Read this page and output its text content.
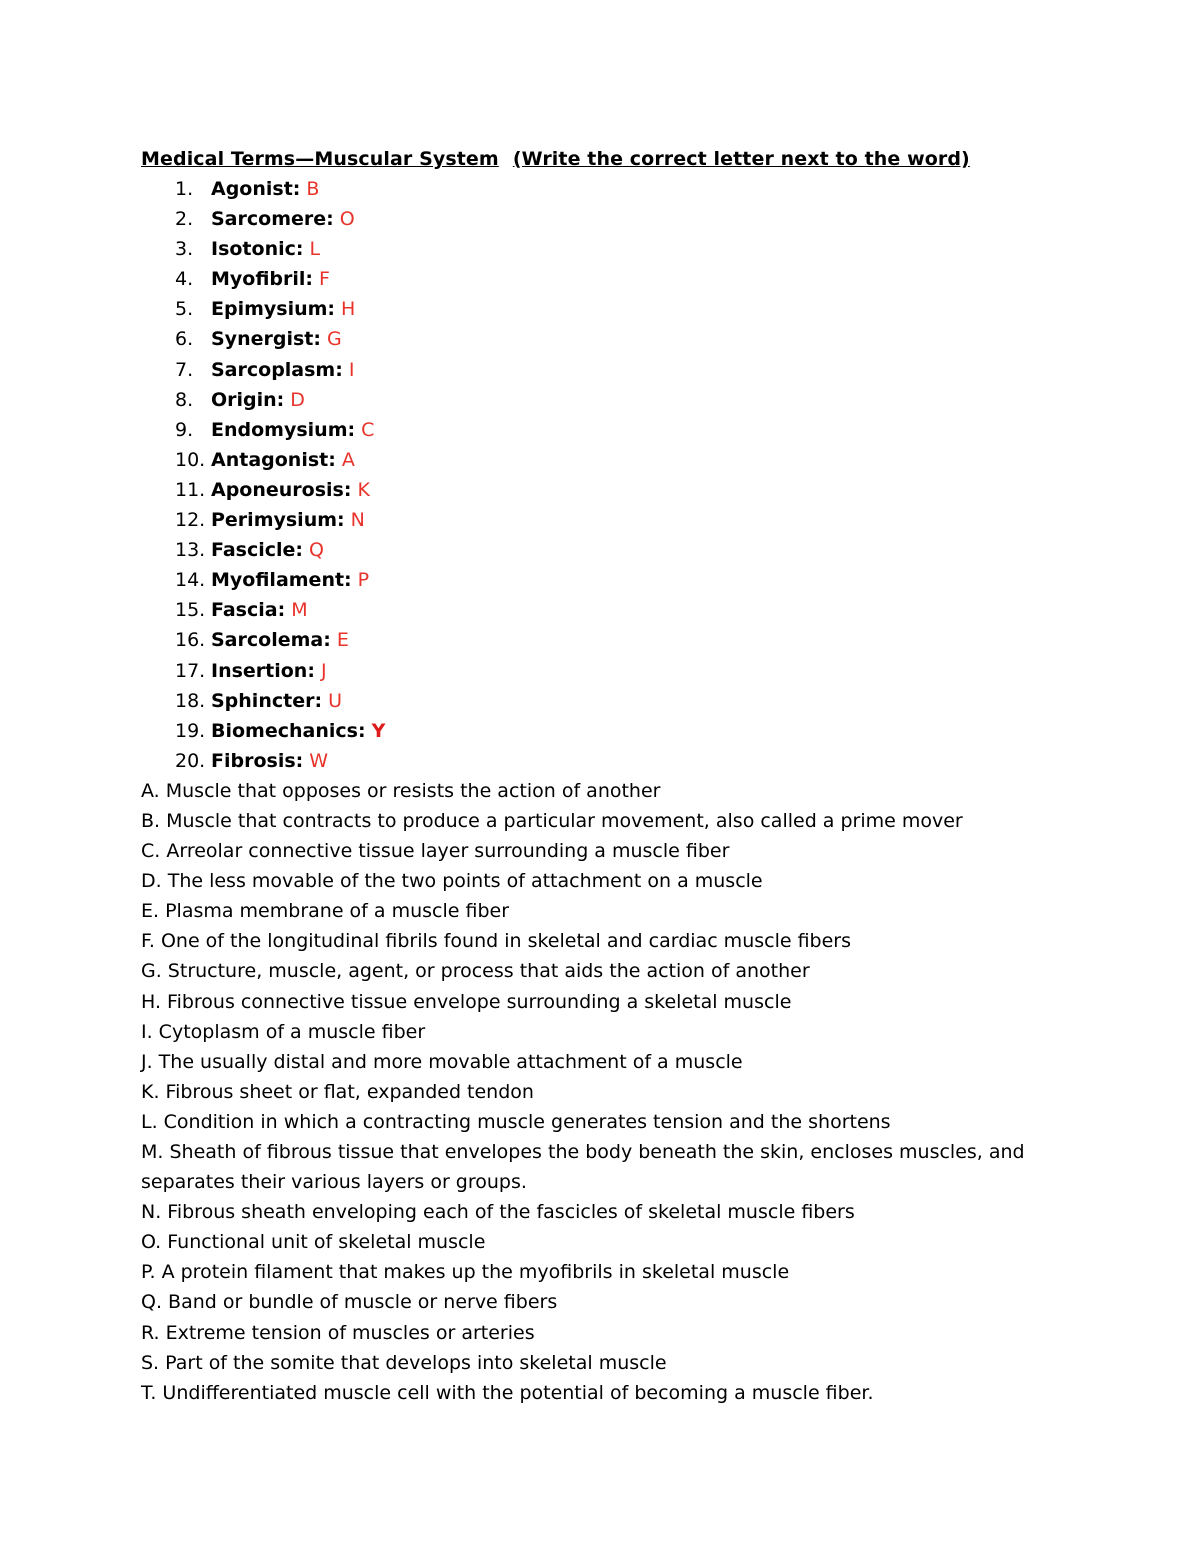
Medical Terms—Muscular System (Write the correct letter next to the word)
1. Agonist: B
2. Sarcomere: O
3. Isotonic: L
4. Myofibril: F
5. Epimysium: H
6. Synergist: G
7. Sarcoplasm: I
8. Origin: D
9. Endomysium: C
10. Antagonist: A
11. Aponeurosis: K
12. Perimysium: N
13. Fascicle: Q
14. Myofilament: P
15. Fascia: M
16. Sarcolema: E
17. Insertion: J
18. Sphincter: U
19. Biomechanics: Y
20. Fibrosis: W
A. Muscle that opposes or resists the action of another
B. Muscle that contracts to produce a particular movement, also called a prime mover
C. Arreolar connective tissue layer surrounding a muscle fiber
D. The less movable of the two points of attachment on a muscle
E. Plasma membrane of a muscle fiber
F. One of the longitudinal fibrils found in skeletal and cardiac muscle fibers
G. Structure, muscle, agent, or process that aids the action of another
H. Fibrous connective tissue envelope surrounding a skeletal muscle
I. Cytoplasm of a muscle fiber
J. The usually distal and more movable attachment of a muscle
K. Fibrous sheet or flat, expanded tendon
L. Condition in which a contracting muscle generates tension and the shortens
M. Sheath of fibrous tissue that envelopes the body beneath the skin, encloses muscles, and separates their various layers or groups.
N. Fibrous sheath enveloping each of the fascicles of skeletal muscle fibers
O. Functional unit of skeletal muscle
P. A protein filament that makes up the myofibrils in skeletal muscle
Q. Band or bundle of muscle or nerve fibers
R. Extreme tension of muscles or arteries
S. Part of the somite that develops into skeletal muscle
T. Undifferentiated muscle cell with the potential of becoming a muscle fiber.
